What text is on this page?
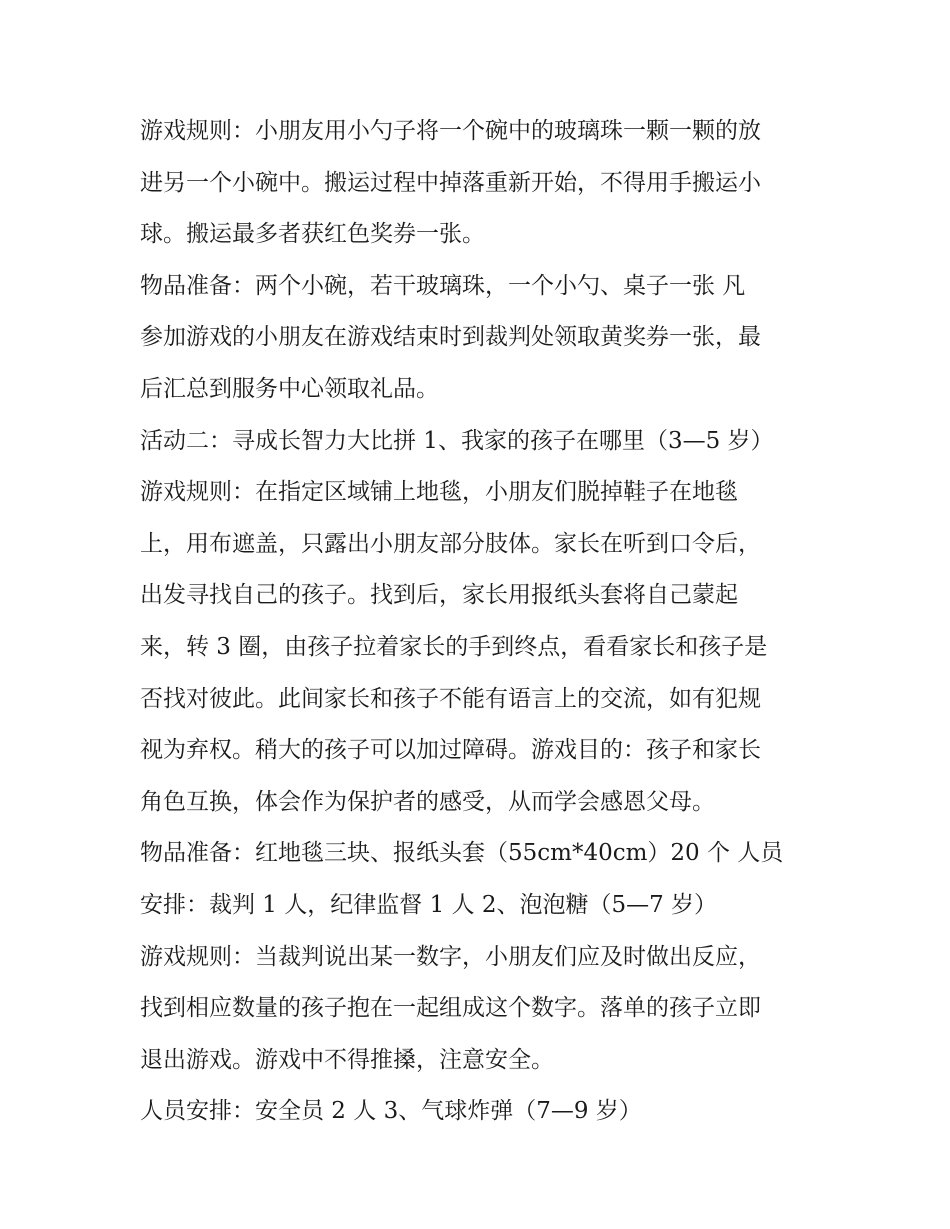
游戏规则：小朋友用小勺子将一个碗中的玻璃珠一颗一颗的放
进另一个小碗中。搬运过程中掉落重新开始，不得用手搬运小
球。搬运最多者获红色奖券一张。
物品准备：两个小碗，若干玻璃珠，一个小勺、桌子一张 凡
参加游戏的小朋友在游戏结束时到裁判处领取黄奖券一张，最
后汇总到服务中心领取礼品。
活动二：寻成长智力大比拼 1、我家的孩子在哪里（3—5 岁）
游戏规则：在指定区域铺上地毯，小朋友们脱掉鞋子在地毯
上，用布遮盖，只露出小朋友部分肢体。家长在听到口令后，
出发寻找自己的孩子。找到后，家长用报纸头套将自己蒙起
来，转 3 圈，由孩子拉着家长的手到终点，看看家长和孩子是
否找对彼此。此间家长和孩子不能有语言上的交流，如有犯规
视为弃权。稍大的孩子可以加过障碍。游戏目的：孩子和家长
角色互换，体会作为保护者的感受，从而学会感恩父母。
物品准备：红地毯三块、报纸头套（55cm*40cm）20 个 人员
安排：裁判 1 人，纪律监督 1 人 2、泡泡糖（5—7 岁）
游戏规则：当裁判说出某一数字，小朋友们应及时做出反应，
找到相应数量的孩子抱在一起组成这个数字。落单的孩子立即
退出游戏。游戏中不得推搡，注意安全。
人员安排：安全员 2 人 3、气球炸弹（7—9 岁）
